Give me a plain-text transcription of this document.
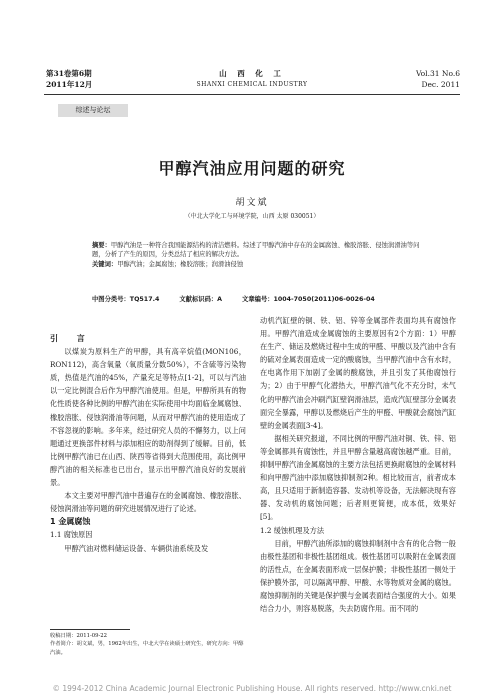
第31卷第6期
2011年12月
山 西 化 工
SHANXI CHEMICAL INDUSTRY
Vol.31 No.6
Dec. 2011
综述与论坛
甲醇汽油应用问题的研究
胡文斌
（中北大学化工与环境学院，山西 太原 030051）
摘要：甲醇汽油是一种符合我国能源结构的清洁燃料。综述了甲醇汽油中存在的金属腐蚀、橡胶溶胀、侵蚀润滑油等问题，分析了产生的原因，分类总结了相应的解决方法。
关键词：甲醇汽油；金属腐蚀；橡胶溶胀；润滑油侵蚀
中图分类号：TQ517.4	文献标识码：A	文章编号：1004-7050(2011)06-0026-04

引 言

以煤炭为原料生产的甲醇，具有高辛烷值(MON106，RON112)，高含氧量（氧质量分数50%），不含硫等污染物质，热值是汽油的45%，产量充足等特点[1-2]，可以与汽油以一定比例混合后作为甲醇汽油使用。但是，甲醇所具有的物化性质使各种比例的甲醇汽油在实际使用中均面临金属腐蚀、橡胶溶胀、侵蚀润滑油等问题，从而对甲醇汽油的使用造成了不容忽视的影响。多年来，经过研究人员的不懈努力，以上问题通过更换部件材料与添加相应的助剂得到了缓解。目前，低比例甲醇汽油已在山西、陕西等省得到大范围使用，高比例甲醇汽油的相关标准也已出台，显示出甲醇汽油良好的发展前景。

本文主要对甲醇汽油中普遍存在的金属腐蚀、橡胶溶胀、侵蚀润滑油等问题的研究进展情况进行了论述。

1 金属腐蚀

1.1 腐蚀原因

甲醇汽油对燃料储运设备、车辆供油系统及发

收稿日期：2011-09-22
作者简介：胡文斌，男，1962年出生，中北大学在读硕士研究生，研究方向：甲醇汽油。

动机汽缸壁的铜、铁、铝、锌等金属部件表面均具有腐蚀作用。甲醇汽油造成金属腐蚀的主要原因有2个方面：1）甲醇在生产、储运及燃烧过程中生成的甲醛、甲酸以及汽油中含有的硫对金属表面造成一定的酸腐蚀，当甲醇汽油中含有水时，在电离作用下加剧了金属的酸腐蚀，并且引发了其他腐蚀行为；2）由于甲醇气化潜热大，甲醇汽油气化不充分时，未气化的甲醇汽油会冲刷汽缸壁润滑油层，造成汽缸壁部分金属表面完全暴露，甲醇以及燃烧后产生的甲醛、甲酸就会腐蚀汽缸壁的金属表面[3-4]。

据相关研究报道，不同比例的甲醇汽油对铜、铁、锌、铝等金属都具有腐蚀性，并且甲醇含量越高腐蚀越严重。目前，抑制甲醇汽油金属腐蚀的主要方法包括更换耐腐蚀的金属材料和向甲醇汽油中添加腐蚀抑制剂2种。相比较而言，前者成本高，且只适用于新制造容器、发动机等设备，无法解决现有容器、发动机的腐蚀问题；后者则更简便，成本低，效果好[5]。

1.2 缓蚀机理及方法

目前，甲醇汽油所添加的腐蚀抑制剂中含有的化合物一般由极性基团和非极性基团组成。极性基团可以吸附在金属表面的活性点，在金属表面形成一层保护膜；非极性基团一侧处于保护膜外部，可以隔离甲醇、甲酸、水等物质对金属的腐蚀。腐蚀抑制剂的关键是保护膜与金属表面结合强度的大小。如果结合力小，则容易脱落，失去防腐作用。而不同的

© 1994-2012 China Academic Journal Electronic Publishing House. All rights reserved. http://www.cnki.net
